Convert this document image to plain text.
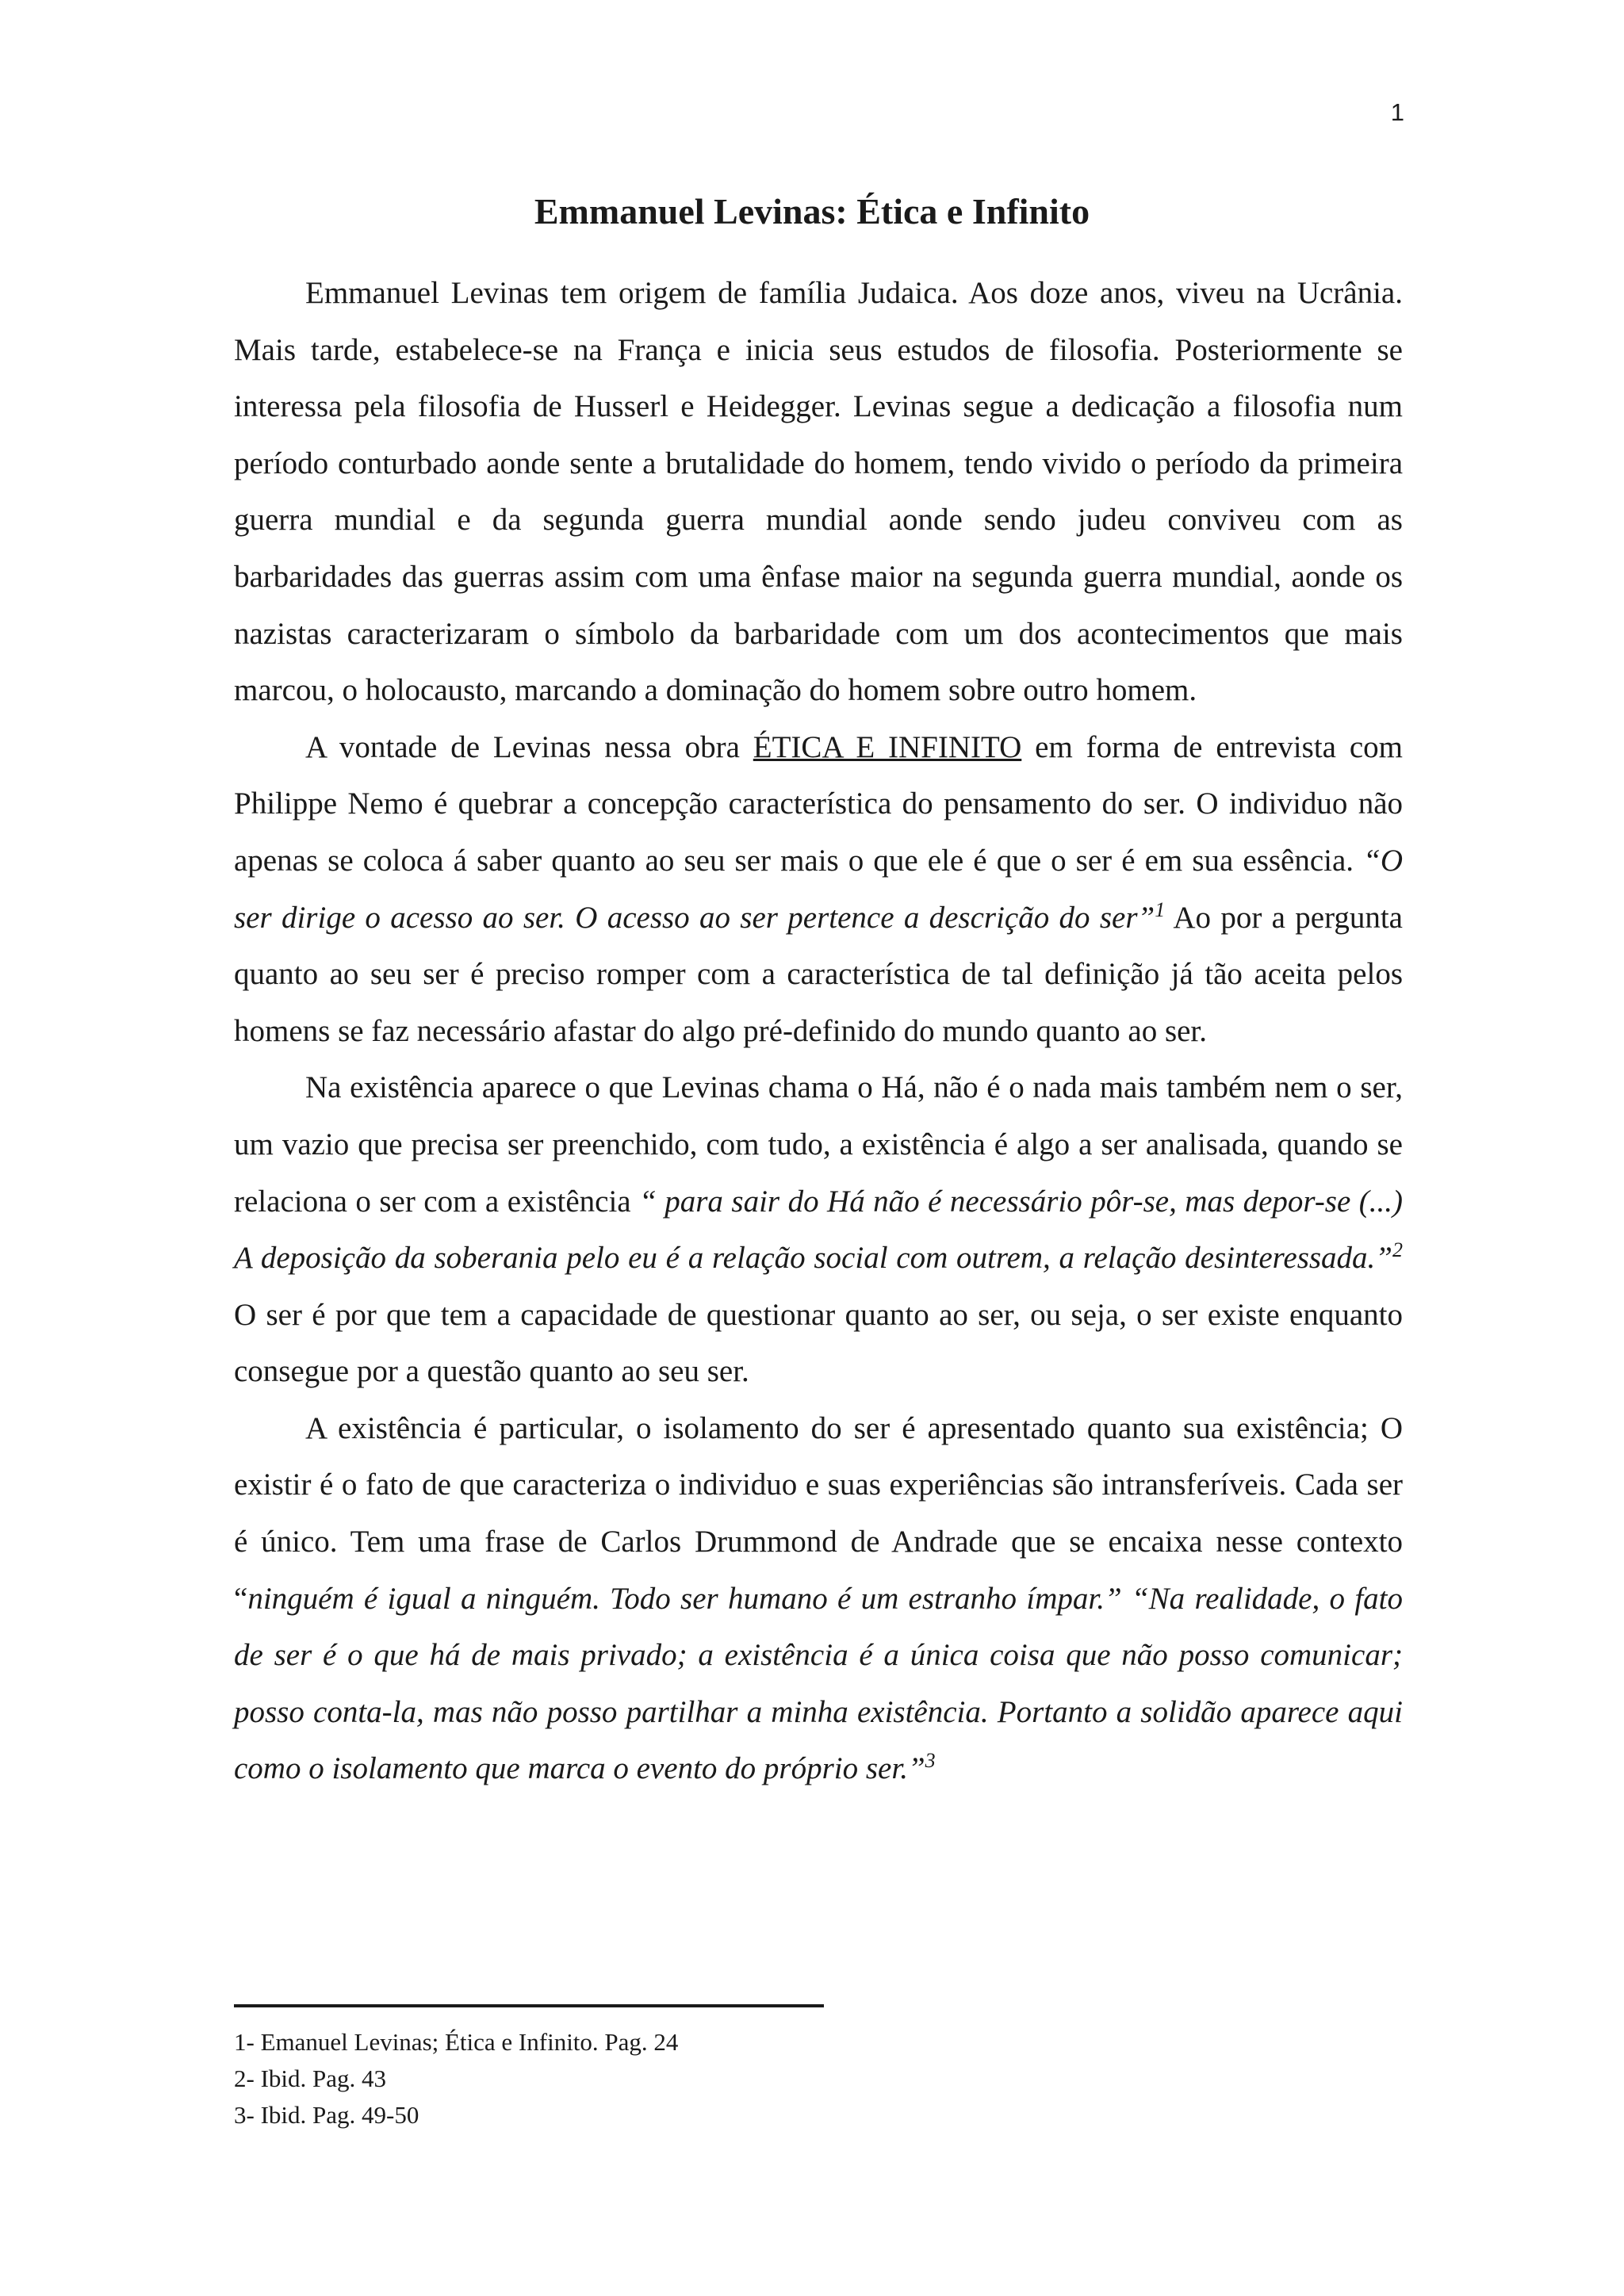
1
Emmanuel Levinas: Ética e Infinito

Emmanuel Levinas tem origem de família Judaica. Aos doze anos, viveu na Ucrânia. Mais tarde, estabelece-se na França e inicia seus estudos de filosofia. Posteriormente se interessa pela filosofia de Husserl e Heidegger. Levinas segue a dedicação a filosofia num período conturbado aonde sente a brutalidade do homem, tendo vivido o período da primeira guerra mundial e da segunda guerra mundial aonde sendo judeu conviveu com as barbaridades das guerras assim com uma ênfase maior na segunda guerra mundial, aonde os nazistas caracterizaram o símbolo da barbaridade com um dos acontecimentos que mais marcou, o holocausto, marcando a dominação do homem sobre outro homem.

A vontade de Levinas nessa obra ÉTICA E INFINITO em forma de entrevista com Philippe Nemo é quebrar a concepção característica do pensamento do ser. O individuo não apenas se coloca á saber quanto ao seu ser mais o que ele é que o ser é em sua essência. “O ser dirige o acesso ao ser. O acesso ao ser pertence a descrição do ser”$^1$ Ao por a pergunta quanto ao seu ser é preciso romper com a característica de tal definição já tão aceita pelos homens se faz necessário afastar do algo pré-definido do mundo quanto ao ser.

Na existência aparece o que Levinas chama o Há, não é o nada mais também nem o ser, um vazio que precisa ser preenchido, com tudo, a existência é algo a ser analisada, quando se relaciona o ser com a existência “ para sair do Há não é necessário pôr-se, mas depor-se (...) A deposição da soberania pelo eu é a relação social com outrem, a relação desinteressada.”$^2$ O ser é por que tem a capacidade de questionar quanto ao ser, ou seja, o ser existe enquanto consegue por a questão quanto ao seu ser.

A existência é particular, o isolamento do ser é apresentado quanto sua existência; O existir é o fato de que caracteriza o individuo e suas experiências são intransferíveis. Cada ser é único. Tem uma frase de Carlos Drummond de Andrade que se encaixa nesse contexto “ninguém é igual a ninguém. Todo ser humano é um estranho ímpar.” “Na realidade, o fato de ser é o que há de mais privado; a existência é a única coisa que não posso comunicar; posso conta-la, mas não posso partilhar a minha existência. Portanto a solidão aparece aqui como o isolamento que marca o evento do próprio ser.”$^3$

1- Emanuel Levinas; Ética e Infinito. Pag. 24
2- Ibid. Pag. 43
3- Ibid. Pag. 49-50
